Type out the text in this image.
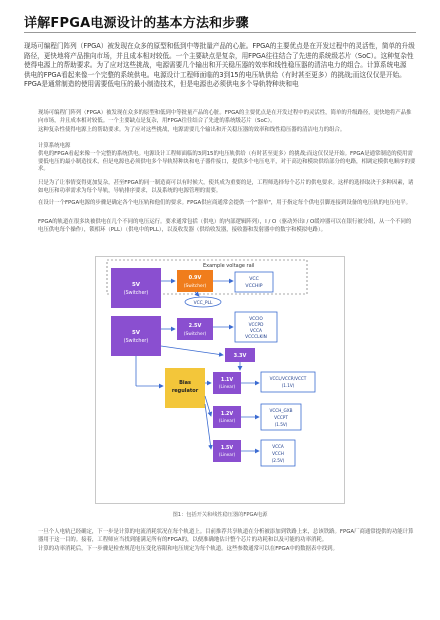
详解FPGA电源设计的基本方法和步骤
现场可编程门阵列（FPGA）被发现在众多的原型和低到中等批量产品的心脏。FPGA的主要优点是在开发过程中的灵活性，简单的升级路径，更快地将产品推向市场，并且成本相对较低。一个主要缺点是复杂，用FPGA往往结合了先进的系统级芯片（SoC）。这种复杂性使得电源上的帮助要求。为了应对这些挑战，电源需要几个输出和开关稳压器的效率和线性稳压器的清洁电力的组合。计算系统电源　供电的FPGA看起来像一个完整的系统供电。电源设计工程师面临的3到15的电压轨供给（有时甚至更多）的挑战;而这仅仅是开始。FPGA是通常制造的使用需要低电压的最小制造技术，但是电源也必须供电多个导轨特种块和电
现场可编程门阵列（FPGA）被发现在众多的原型和低到中等批量产品的心脏。FPGA的主要优点是在开发过程中的灵活性，简单的升级路径，更快地将产品推向市场，并且成本相对较低。一个主要缺点是复杂，用FPGA往往结合了先进的系统级芯片（SoC）。
这种复杂性使得电源上的帮助要求。为了应对这些挑战，电源需要几个输出和开关稳压器的效率和线性稳压器的清洁电力的组合。
计算系统电源
供电的FPGA看起来像一个完整的系统供电。电源设计工程师面临的3到15的电压轨供给（有时甚至更多）的挑战;而这仅仅是开始。FPGA是通常制造的使用需要低电压的最小制造技术，但是电源也必须供电多个导轨特种块和电子器件接口，提供多个电压电平，对于高边和模块供给部分的电路，相调定模供电顺序的要求。
只是为了让事情变得更加复杂，甚至FPGA的同一制造商可以有时候大，使其成为重要的是，工程师选择每个芯片的供电要求。这样的选择取决于多种因素，诸如电压和功率需求为每个导轨，导轨排序要求，以及系统的电源管理的需要。
在设计一个FPGA电源的步骤是确定各个电压轨和他们的要求。FPGA供应商通常会提供一个"器单"，用于指定每个供电引脚连接到设备的电压轨的电压电平。
FPGA的轨道在很多块被供电在几个不同的电压运行。要求通常包括（供电）的内部逻辑阵列），I / O（驱动外出I / O缓冲器可以在银行被分组，从一个不同的电压供电每个操作），锁相环（PLL）（供电中的PLL），以及收发器（供给收发器，接收器和发射器中的数字和模拟电路）。
Example voltage rail
5V
(Switcher)
0.9V
(Switcher)
VCC
VCCHIP
VCC_PLL
5V
(Switcher)
2.5V
(Switcher)
VCCIO
VCCPD
VCCA
VCCCLKIN
3.3V
Bias
regulator
1.1V
(Linear)
1.2V
(Linear)
1.5V
(Linear)
VCCL/VCCR/VCCT
(1.1V)
VCCH_GXB
VCCPT
(1.5V)
VCCA
VCCH
(2.5V)
图1：包括开关和线性稳压器的FPGA电源
一旦个人电轨已经确定，下一步是计算的电流消耗状况在每个轨道上。目前推荐共享轨道在分析被添加到铁路上来，总该铁路。FPGA厂商通常提供的功能计算器用于这一目的。接着，工程师应当找到能满足所有的FPGA的，以便准确地估计整个芯片的功耗和以及可能的功率消耗。
计算的功率消耗后，下一步骤是检查规范电压变化容限和电压规定为每个轨道。这些参数通常可以在FPGA中的数据表中找到。
